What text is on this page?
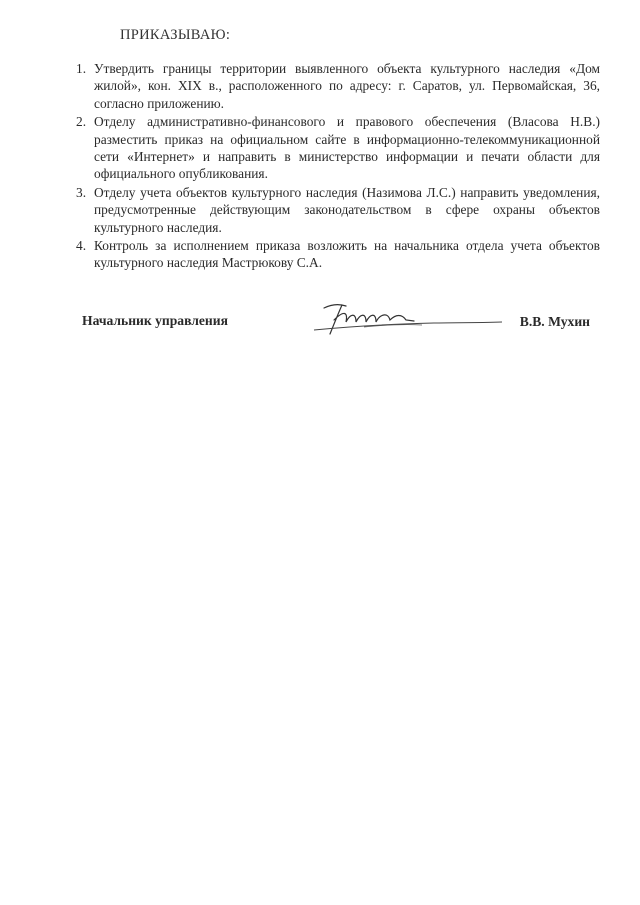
ПРИКАЗЫВАЮ:
1. Утвердить границы территории выявленного объекта культурного наследия «Дом жилой», кон. XIX в., расположенного по адресу: г. Саратов, ул. Первомайская, 36, согласно приложению.
2. Отделу административно-финансового и правового обеспечения (Власова Н.В.) разместить приказ на официальном сайте в информационно-телекоммуникационной сети «Интернет» и направить в министерство информации и печати области для официального опубликования.
3. Отделу учета объектов культурного наследия (Назимова Л.С.) направить уведомления, предусмотренные действующим законодательством в сфере охраны объектов культурного наследия.
4. Контроль за исполнением приказа возложить на начальника отдела учета объектов культурного наследия Мастрюкову С.А.
Начальник управления	В.В. Мухин
